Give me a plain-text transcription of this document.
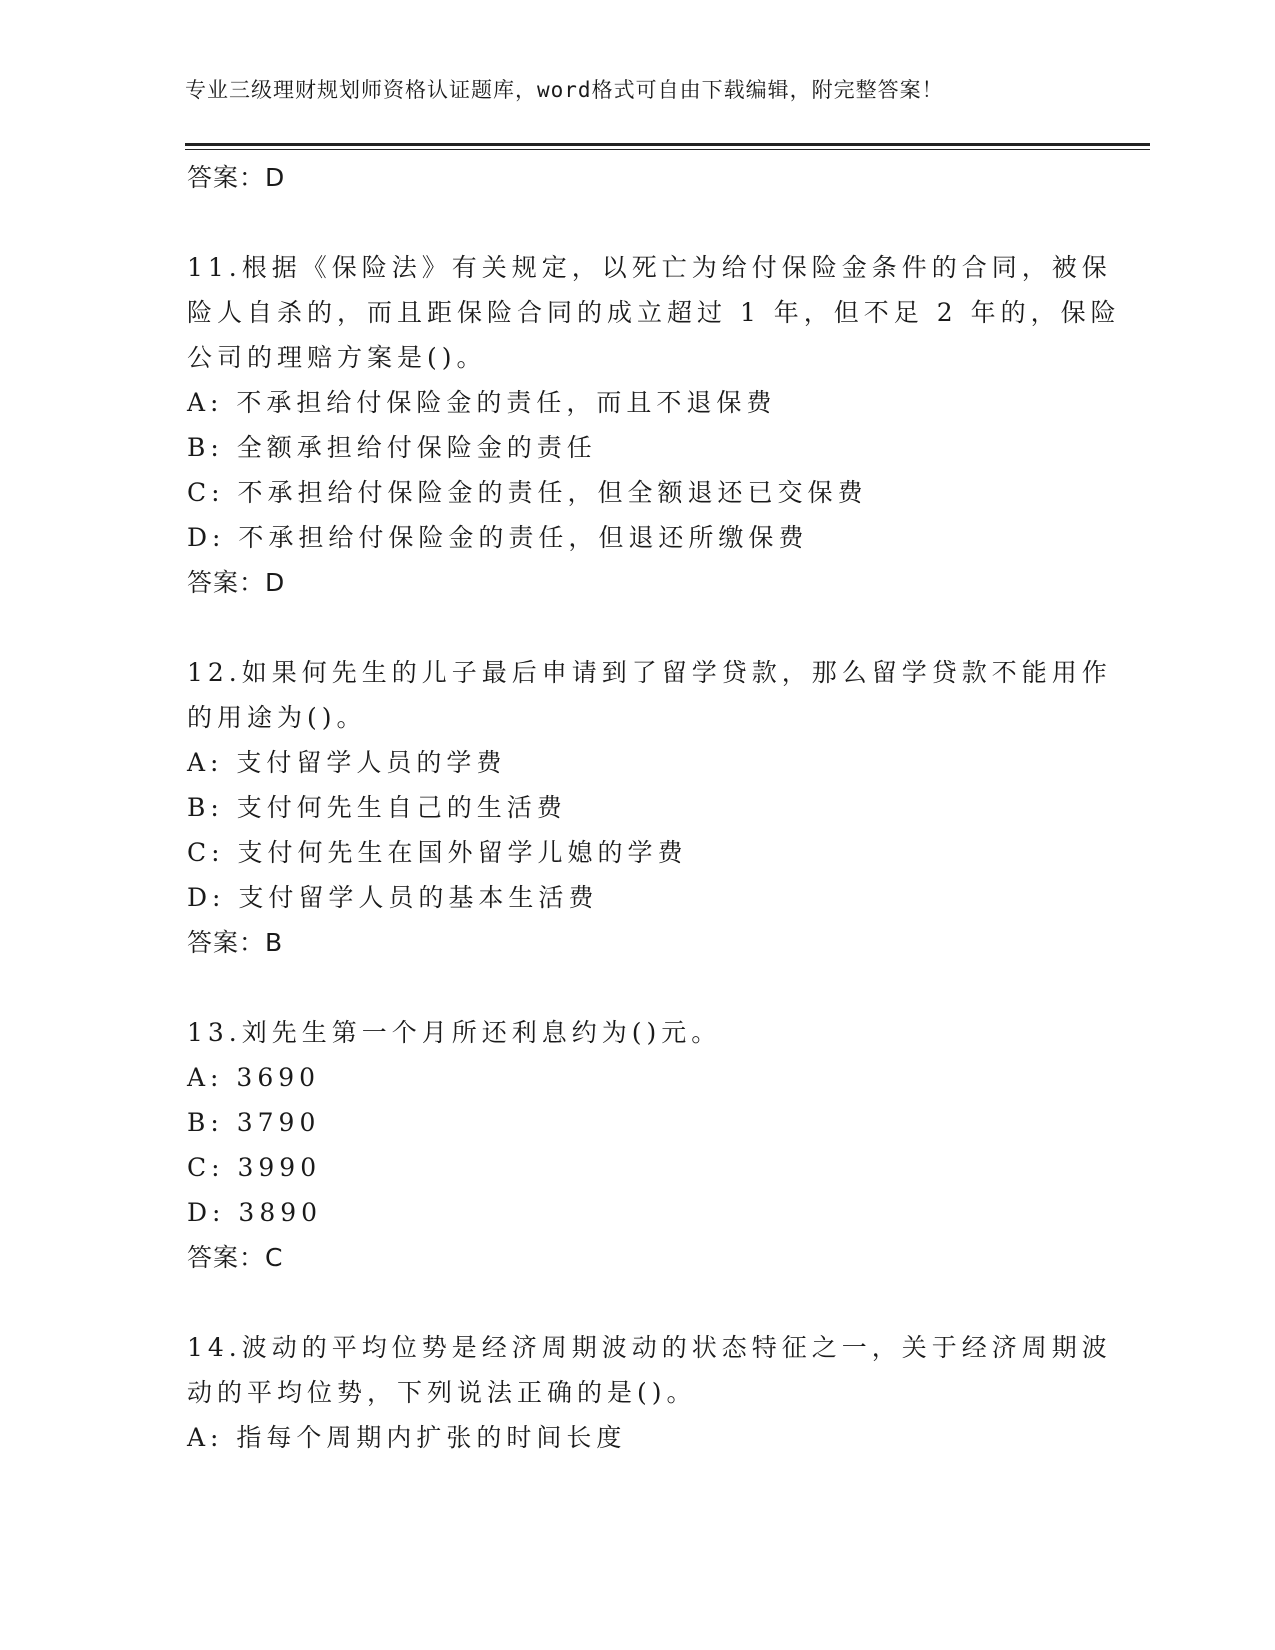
专业三级理财规划师资格认证题库，word格式可自由下载编辑，附完整答案！

答案：D

11.根据《保险法》有关规定，以死亡为给付保险金条件的合同，被保

险人自杀的，而且距保险合同的成立超过 1 年，但不足 2 年的，保险

公司的理赔方案是()。

A: 不承担给付保险金的责任，而且不退保费

B: 全额承担给付保险金的责任

C: 不承担给付保险金的责任，但全额退还已交保费

D: 不承担给付保险金的责任，但退还所缴保费

答案：D

12.如果何先生的儿子最后申请到了留学贷款，那么留学贷款不能用作

的用途为()。

A: 支付留学人员的学费

B: 支付何先生自己的生活费

C: 支付何先生在国外留学儿媳的学费

D: 支付留学人员的基本生活费

答案：B

13.刘先生第一个月所还利息约为()元。

A: 3690

B: 3790

C: 3990

D: 3890

答案：C

14.波动的平均位势是经济周期波动的状态特征之一，关于经济周期波

动的平均位势，下列说法正确的是()。

A: 指每个周期内扩张的时间长度
